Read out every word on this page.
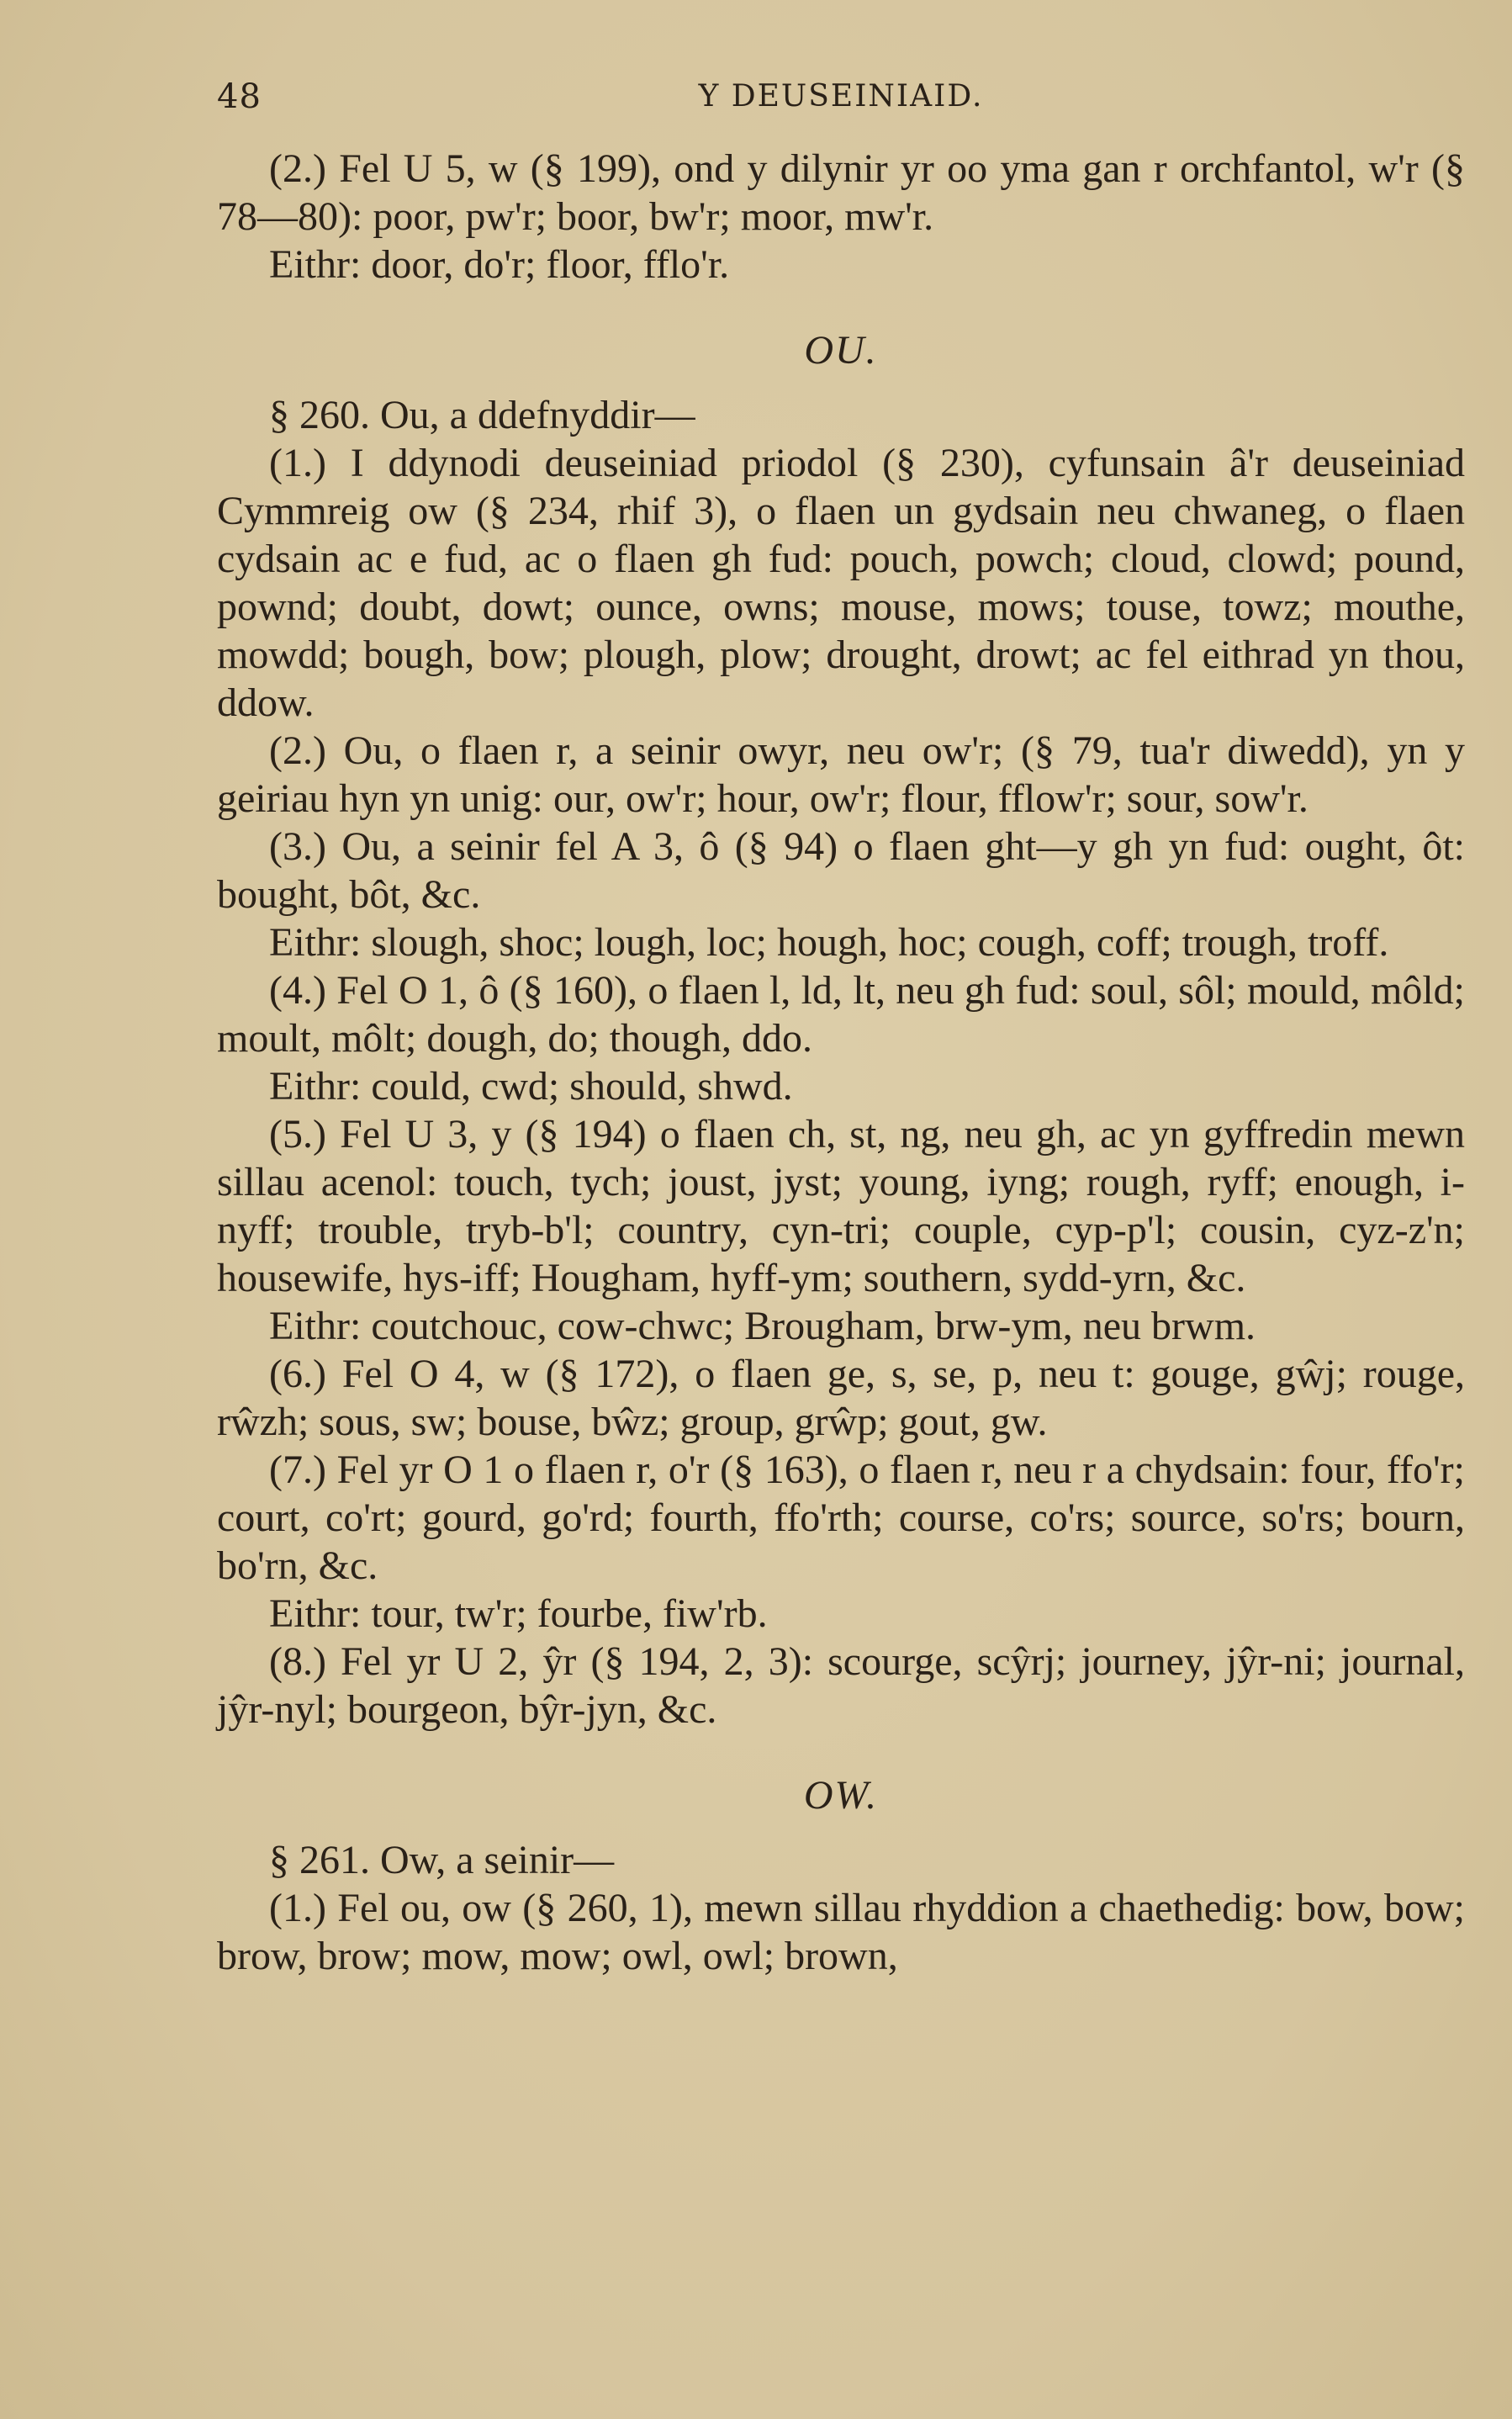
48	Y DEUSEINIAID.

(2.) Fel U 5, w (§ 199), ond y dilynir yr oo yma gan r orchfantol, w'r (§ 78—80): poor, pw'r; boor, bw'r; moor, mw'r.

Eithr: door, do'r; floor, fflo'r.

OU.

§ 260. Ou, a ddefnyddir—

(1.) I ddynodi deuseiniad priodol (§ 230), cyfunsain â'r deuseiniad Cymmreig ow (§ 234, rhif 3), o flaen un gydsain neu chwaneg, o flaen cydsain ac e fud, ac o flaen gh fud: pouch, powch; cloud, clowd; pound, pownd; doubt, dowt; ounce, owns; mouse, mows; touse, towz; mouthe, mowdd; bough, bow; plough, plow; drought, drowt; ac fel eithrad yn thou, ddow.

(2.) Ou, o flaen r, a seinir owyr, neu ow'r; (§ 79, tua'r diwedd), yn y geiriau hyn yn unig: our, ow'r; hour, ow'r; flour, fflow'r; sour, sow'r.

(3.) Ou, a seinir fel A 3, ô (§ 94) o flaen ght—y gh yn fud: ought, ôt: bought, bôt, &c.

Eithr: slough, shoc; lough, loc; hough, hoc; cough, coff; trough, troff.

(4.) Fel O 1, ô (§ 160), o flaen l, ld, lt, neu gh fud: soul, sôl; mould, môld; moult, môlt; dough, do; though, ddo.

Eithr: could, cwd; should, shwd.

(5.) Fel U 3, y (§ 194) o flaen ch, st, ng, neu gh, ac yn gyffredin mewn sillau acenol: touch, tych; joust, jyst; young, iyng; rough, ryff; enough, i-nyff; trouble, tryb-b'l; country, cyn-tri; couple, cyp-p'l; cousin, cyz-z'n; housewife, hys-iff; Hougham, hyff-ym; southern, sydd-yrn, &c.

Eithr: coutchouc, cow-chwc; Brougham, brw-ym, neu brwm.

(6.) Fel O 4, w (§ 172), o flaen ge, s, se, p, neu t: gouge, gŵj; rouge, rŵzh; sous, sw; bouse, bŵz; group, grŵp; gout, gw.

(7.) Fel yr O 1 o flaen r, o'r (§ 163), o flaen r, neu r a chydsain: four, ffo'r; court, co'rt; gourd, go'rd; fourth, ffo'rth; course, co'rs; source, so'rs; bourn, bo'rn, &c.

Eithr: tour, tw'r; fourbe, fiw'rb.

(8.) Fel yr U 2, ŷr (§ 194, 2, 3): scourge, scŷrj; journey, jŷr-ni; journal, jŷr-nyl; bourgeon, bŷr-jyn, &c.

OW.

§ 261. Ow, a seinir—

(1.) Fel ou, ow (§ 260, 1), mewn sillau rhyddion a chaethedig: bow, bow; brow, brow; mow, mow; owl, owl; brown,
